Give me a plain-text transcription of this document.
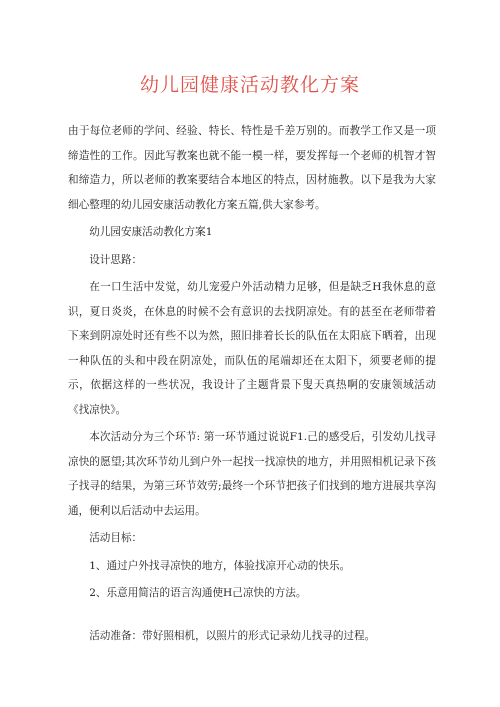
幼儿园健康活动教化方案

由于每位老师的学问、经验、特长、特性是千差万别的。而教学工作又是一项缔造性的工作。因此写教案也就不能一模一样，要发挥每一个老师的机智才智和缔造力，所以老师的教案要结合本地区的特点，因材施教。以下是我为大家细心整理的幼儿园安康活动教化方案五篇,供大家参考。

幼儿园安康活动教化方案1

设计思路：

在一口生活中发觉，幼儿宠爱户外活动精力足够，但是缺乏H我休息的意识，夏日炎炎，在休息的时候不会有意识的去找阴凉处。有的甚至在老师带着下来到阴凉处时还有些不以为然，照旧排着长长的队伍在太阳底下晒着，出现一种队伍的头和中段在阴凉处，而队伍的尾端却还在太阳下，须要老师的提示，依据这样的一些状况，我设计了主题背景下叟天真热啊的安康领域活动《找凉快》。

本次活动分为三个环节: 第一环节通过说说F1.己的感受后，引发幼儿找寻凉快的愿望;其次环节幼儿到户外一起找一找凉快的地方，并用照相机记录下孩子找寻的结果，为第三环节效劳;最终一个环节把孩子们找到的地方进展共享沟通，便利以后活动中去运用。

活动目标：

1、通过户外找寻凉快的地方，体验找凉开心动的快乐。

2、乐意用简洁的语言沟通使H己凉快的方法。

活动准备：带好照相机，以照片的形式记录幼儿找寻的过程。
